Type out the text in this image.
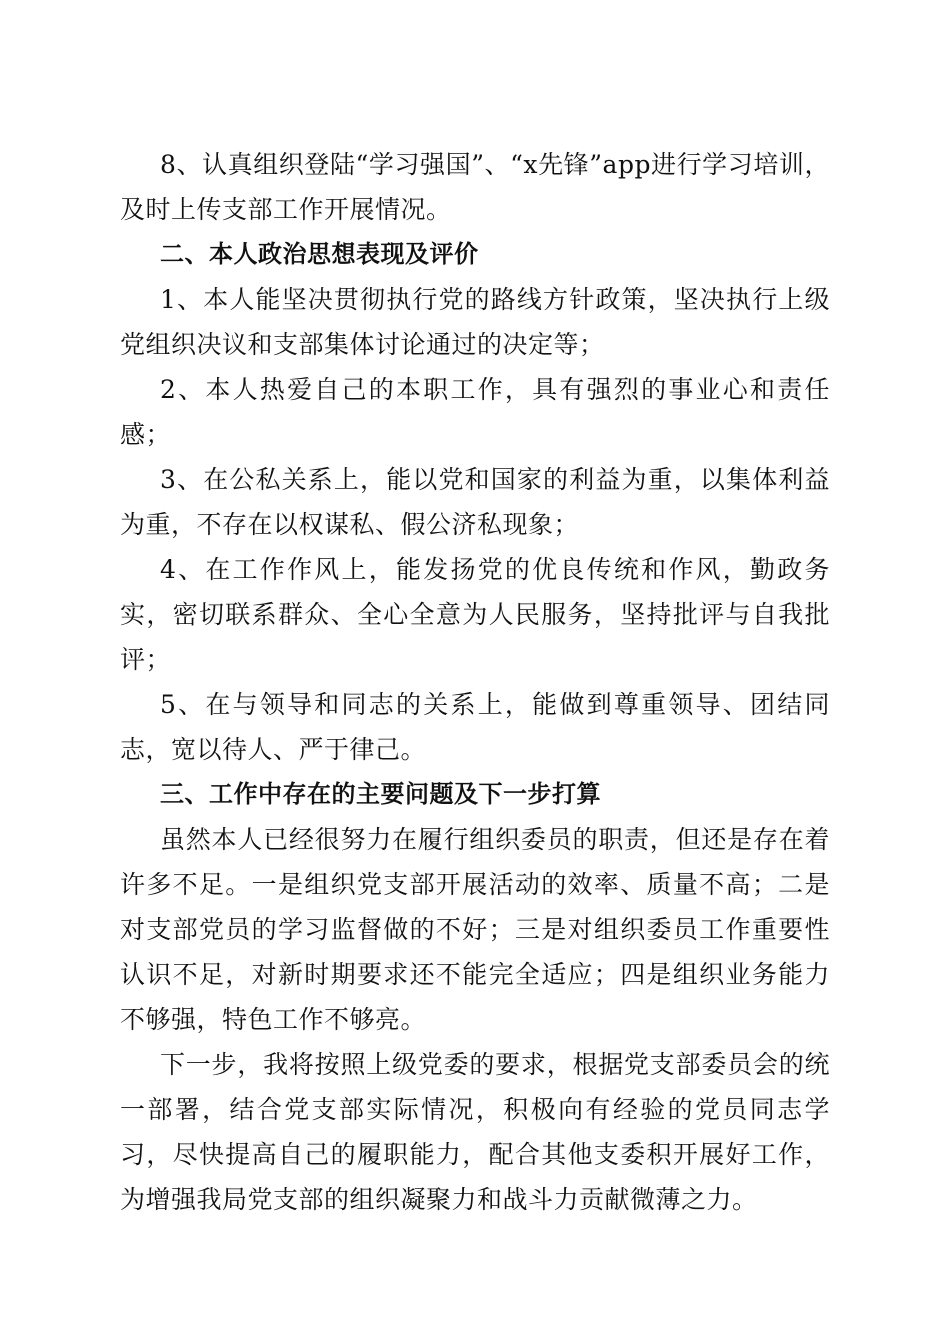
8、认真组织登陆“学习强国”、“x先锋”app进行学习培训，及时上传支部工作开展情况。

二、本人政治思想表现及评价

1、本人能坚决贯彻执行党的路线方针政策，坚决执行上级党组织决议和支部集体讨论通过的决定等；

2、本人热爱自己的本职工作，具有强烈的事业心和责任感；

3、在公私关系上，能以党和国家的利益为重，以集体利益为重，不存在以权谋私、假公济私现象；

4、在工作作风上，能发扬党的优良传统和作风，勤政务实，密切联系群众、全心全意为人民服务，坚持批评与自我批评；

5、在与领导和同志的关系上，能做到尊重领导、团结同志，宽以待人、严于律己。

三、工作中存在的主要问题及下一步打算

虽然本人已经很努力在履行组织委员的职责，但还是存在着许多不足。一是组织党支部开展活动的效率、质量不高；二是对支部党员的学习监督做的不好；三是对组织委员工作重要性认识不足，对新时期要求还不能完全适应；四是组织业务能力不够强，特色工作不够亮。

下一步，我将按照上级党委的要求，根据党支部委员会的统一部署，结合党支部实际情况，积极向有经验的党员同志学习，尽快提高自己的履职能力，配合其他支委积开展好工作，为增强我局党支部的组织凝聚力和战斗力贡献微薄之力。
